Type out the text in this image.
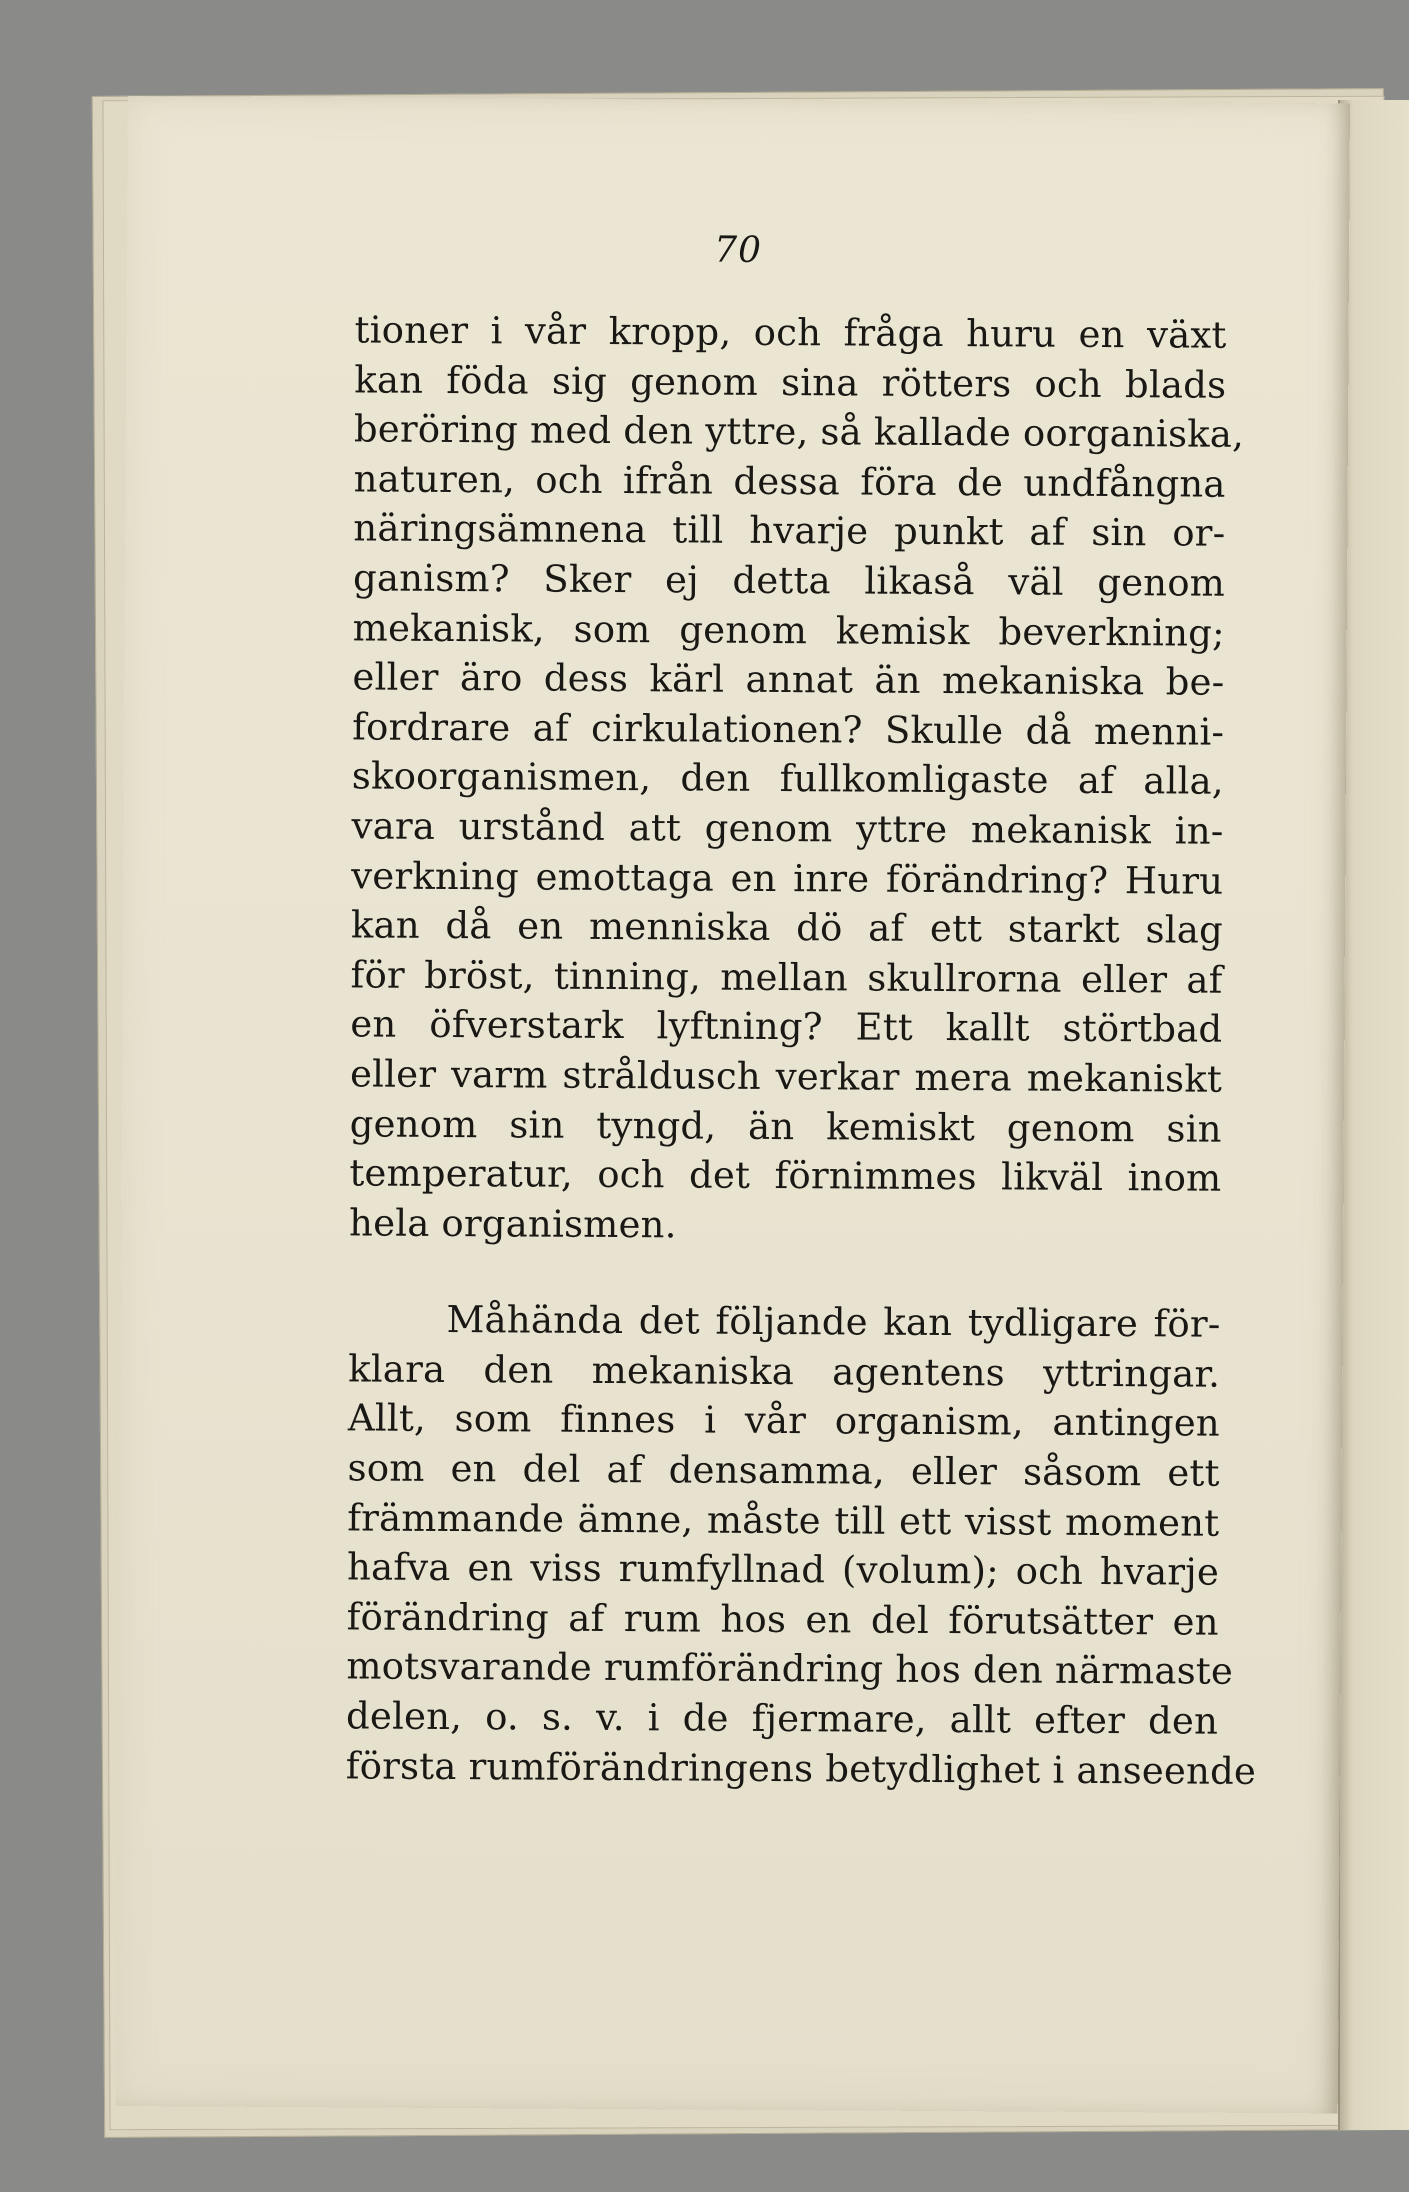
70
tioner i vår kropp, och fråga huru en växt
kan föda sig genom sina rötters och blads
beröring med den yttre, så kallade oorganiska,
naturen, och ifrån dessa föra de undfångna
näringsämnena till hvarje punkt af sin or-
ganism? Sker ej detta likaså väl genom
mekanisk, som genom kemisk beverkning;
eller äro dess kärl annat än mekaniska be-
fordrare af cirkulationen? Skulle då menni-
skoorganismen, den fullkomligaste af alla,
vara urstånd att genom yttre mekanisk in-
verkning emottaga en inre förändring? Huru
kan då en menniska dö af ett starkt slag
för bröst, tinning, mellan skullrorna eller af
en öfverstark lyftning? Ett kallt störtbad
eller varm stråldusch verkar mera mekaniskt
genom sin tyngd, än kemiskt genom sin
temperatur, och det förnimmes likväl inom
hela organismen.
Måhända det följande kan tydligare för-
klara den mekaniska agentens yttringar.
Allt, som finnes i vår organism, antingen
som en del af densamma, eller såsom ett
främmande ämne, måste till ett visst moment
hafva en viss rumfyllnad (volum); och hvarje
förändring af rum hos en del förutsätter en
motsvarande rumförändring hos den närmaste
delen, o. s. v. i de fjermare, allt efter den
första rumförändringens betydlighet i anseende
